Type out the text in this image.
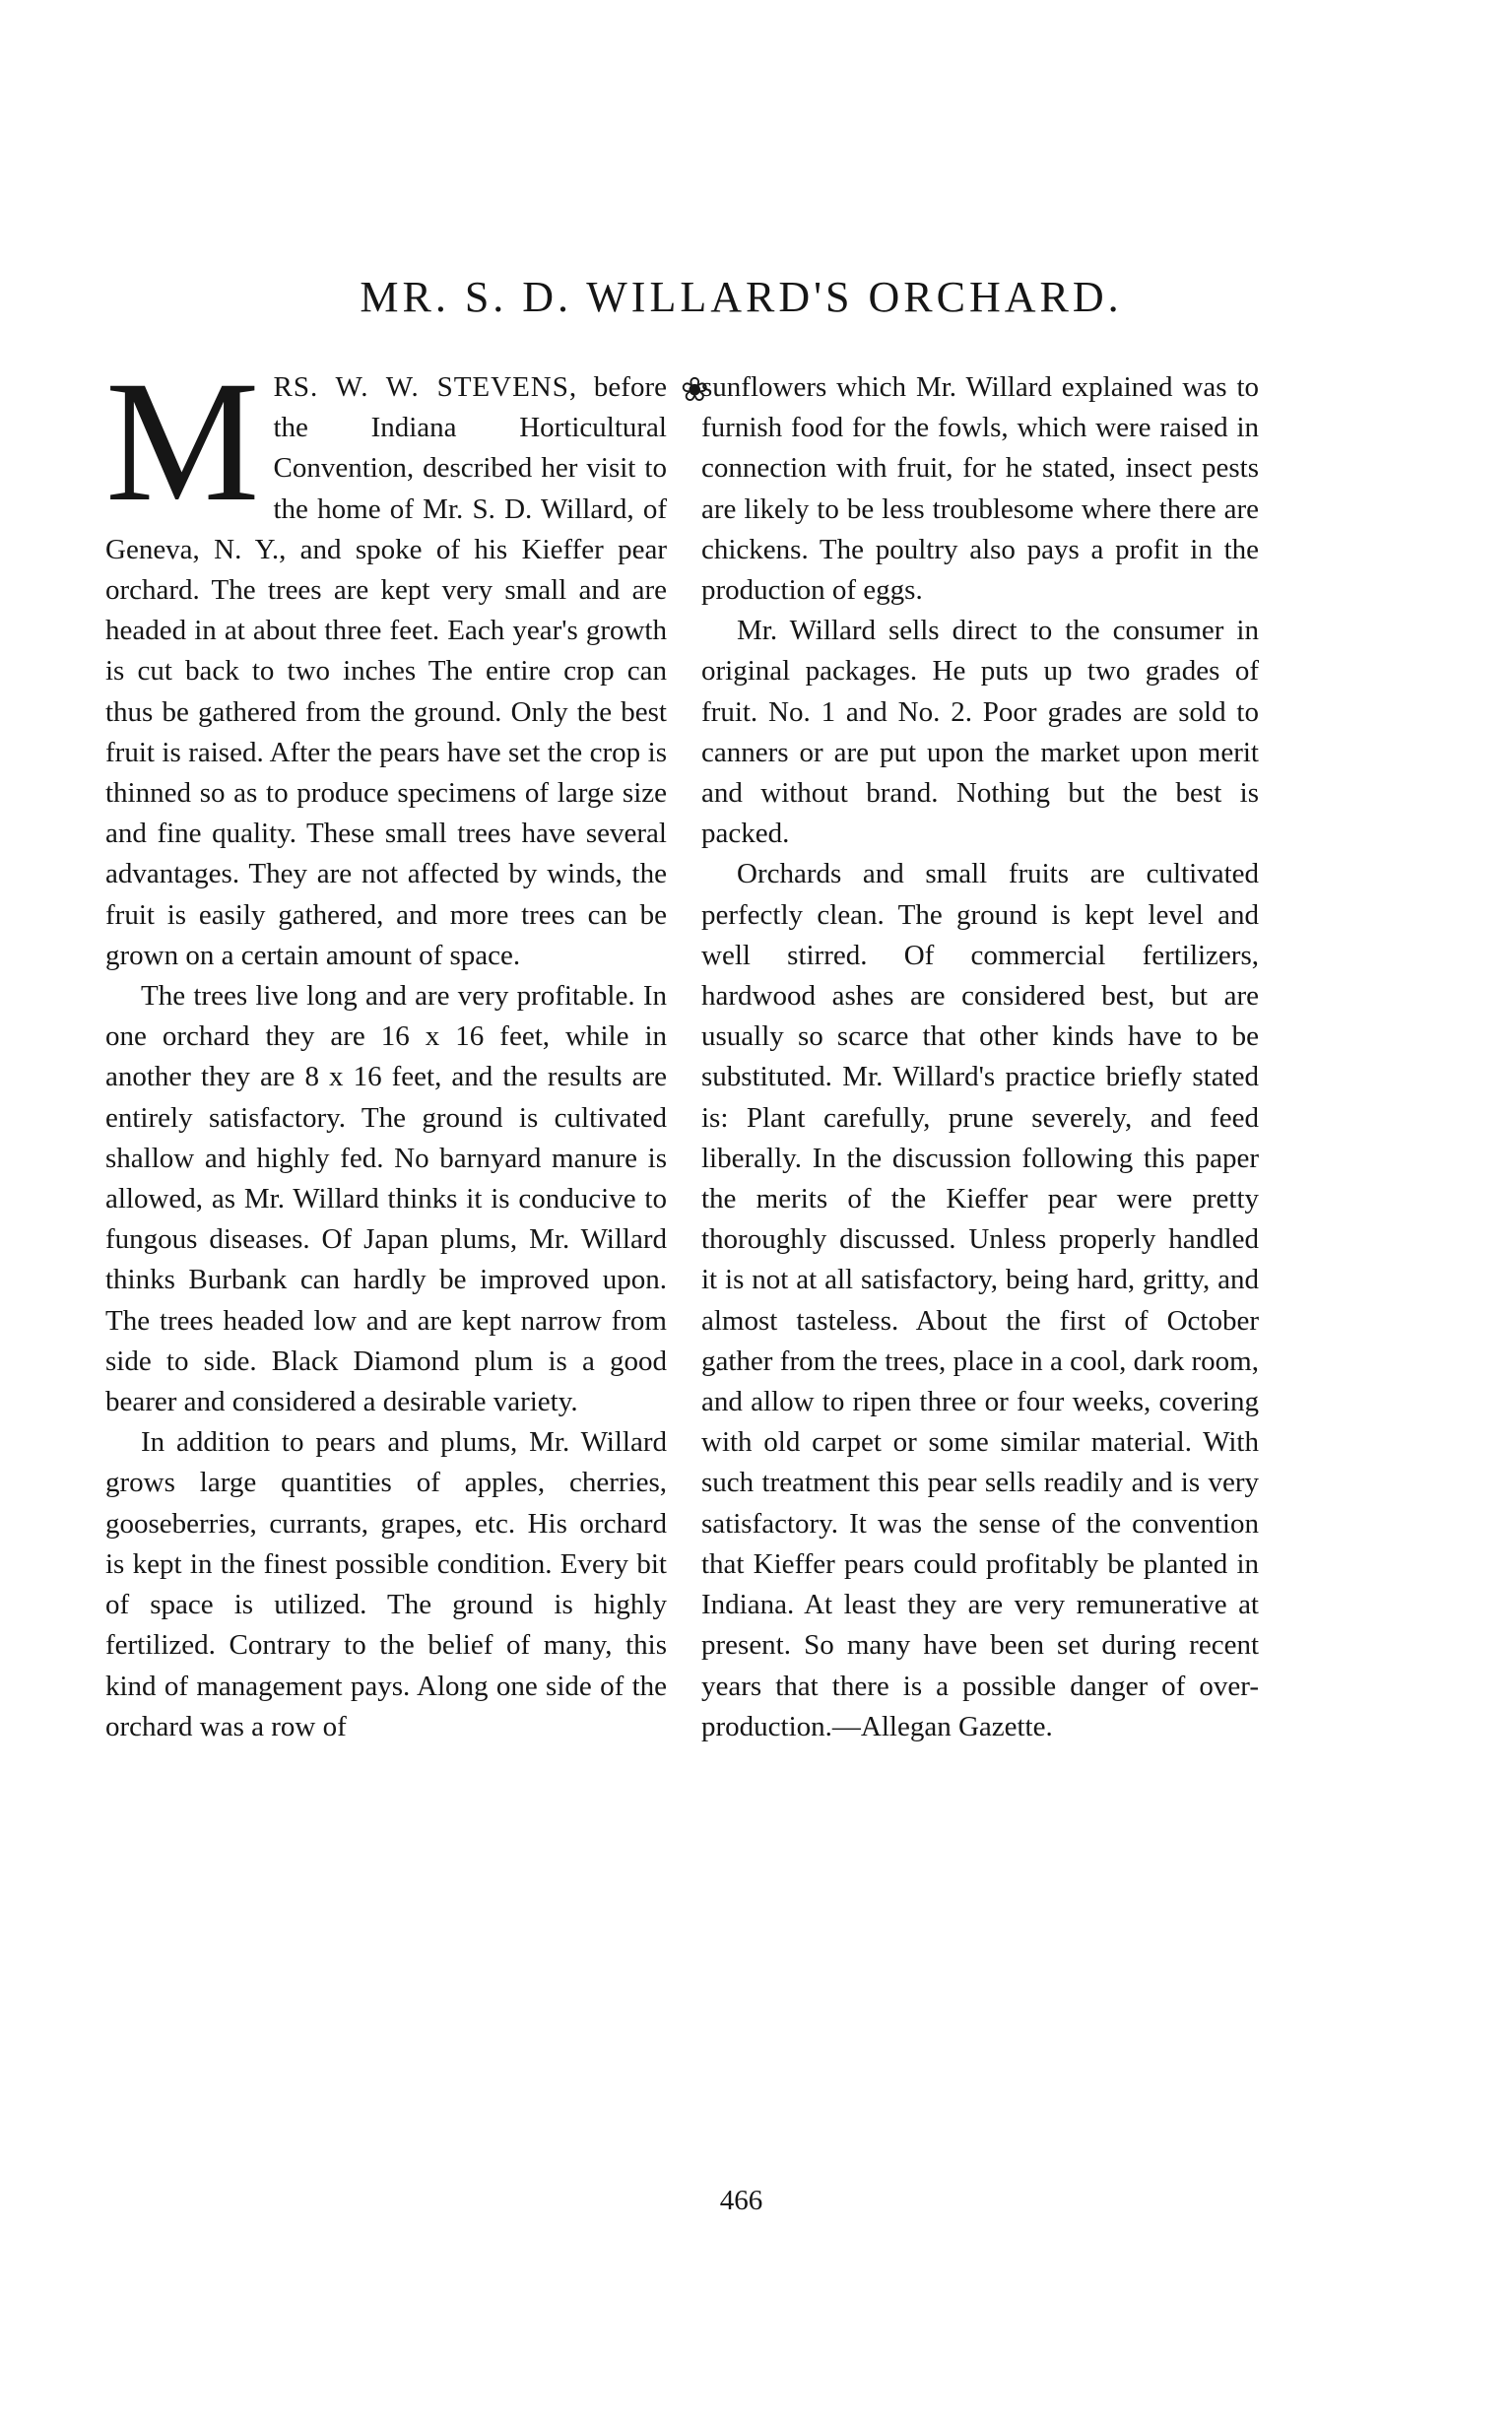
MR. S. D. WILLARD'S ORCHARD.
❀

MRS. W. W. STEVENS, before the Indiana Horticultural Convention, described her visit to the home of Mr. S. D. Willard, of Geneva, N. Y., and spoke of his Kieffer pear orchard. The trees are kept very small and are headed in at about three feet. Each year's growth is cut back to two inches The entire crop can thus be gathered from the ground. Only the best fruit is raised. After the pears have set the crop is thinned so as to produce specimens of large size and fine quality. These small trees have several advantages. They are not affected by winds, the fruit is easily gathered, and more trees can be grown on a certain amount of space.

The trees live long and are very profitable. In one orchard they are 16 x 16 feet, while in another they are 8 x 16 feet, and the results are entirely satisfactory. The ground is cultivated shallow and highly fed. No barnyard manure is allowed, as Mr. Willard thinks it is conducive to fungous diseases. Of Japan plums, Mr. Willard thinks Burbank can hardly be improved upon. The trees headed low and are kept narrow from side to side. Black Diamond plum is a good bearer and considered a desirable variety.

In addition to pears and plums, Mr. Willard grows large quantities of apples, cherries, gooseberries, currants, grapes, etc. His orchard is kept in the finest possible condition. Every bit of space is utilized. The ground is highly fertilized. Contrary to the belief of many, this kind of management pays. Along one side of the orchard was a row of

sunflowers which Mr. Willard explained was to furnish food for the fowls, which were raised in connection with fruit, for he stated, insect pests are likely to be less troublesome where there are chickens. The poultry also pays a profit in the production of eggs.

Mr. Willard sells direct to the consumer in original packages. He puts up two grades of fruit. No. 1 and No. 2. Poor grades are sold to canners or are put upon the market upon merit and without brand. Nothing but the best is packed.

Orchards and small fruits are cultivated perfectly clean. The ground is kept level and well stirred. Of commercial fertilizers, hardwood ashes are considered best, but are usually so scarce that other kinds have to be substituted. Mr. Willard's practice briefly stated is: Plant carefully, prune severely, and feed liberally. In the discussion following this paper the merits of the Kieffer pear were pretty thoroughly discussed. Unless properly handled it is not at all satisfactory, being hard, gritty, and almost tasteless. About the first of October gather from the trees, place in a cool, dark room, and allow to ripen three or four weeks, covering with old carpet or some similar material. With such treatment this pear sells readily and is very satisfactory. It was the sense of the convention that Kieffer pears could profitably be planted in Indiana. At least they are very remunerative at present. So many have been set during recent years that there is a possible danger of over-production.—Allegan Gazette.

466
